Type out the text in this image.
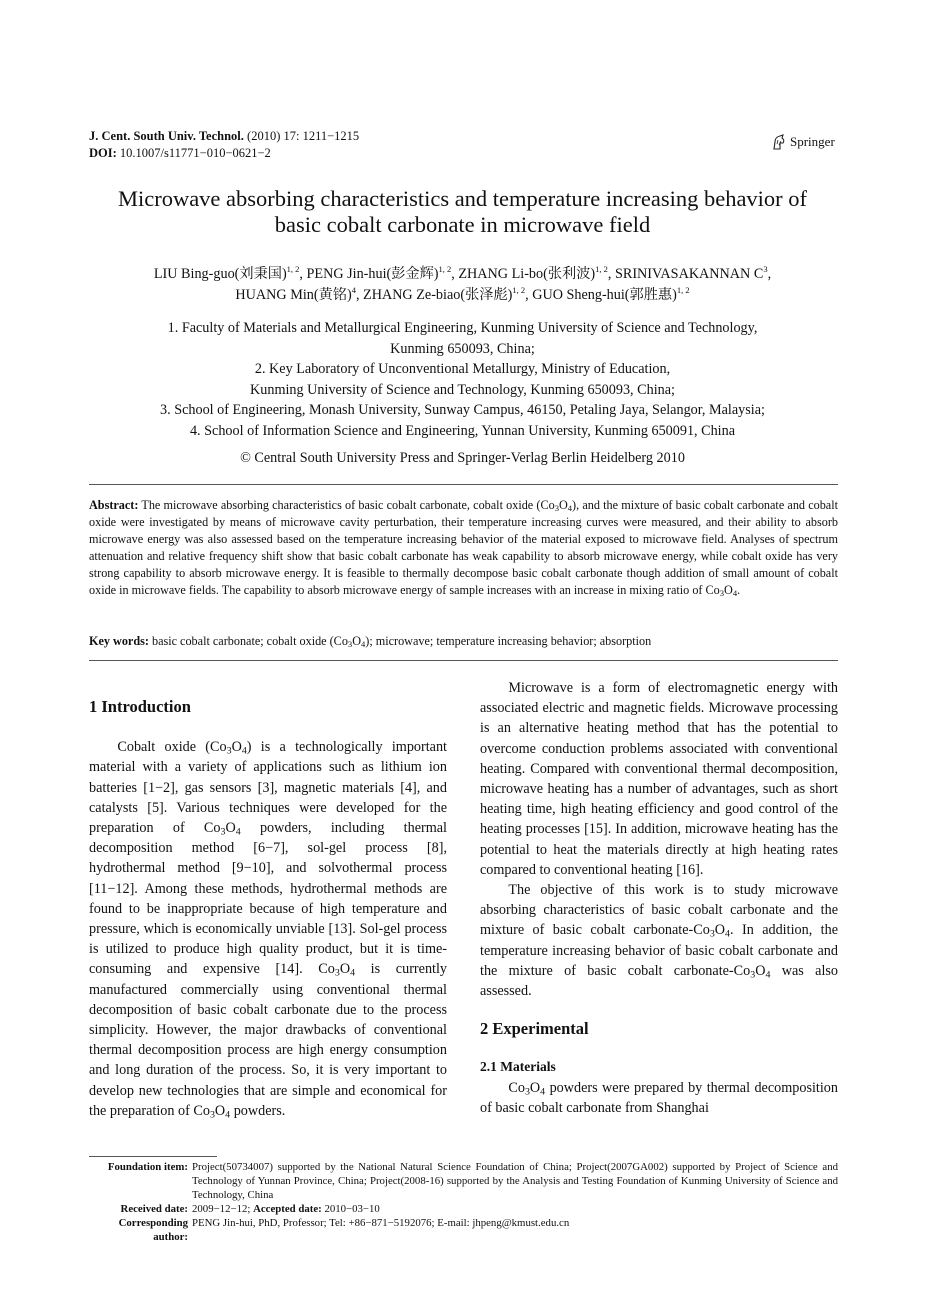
J. Cent. South Univ. Technol. (2010) 17: 1211−1215
DOI: 10.1007/s11771−010−0621−2
Springer
Microwave absorbing characteristics and temperature increasing behavior of
basic cobalt carbonate in microwave field
LIU Bing-guo(刘秉国)$^{1, 2}$, PENG Jin-hui(彭金辉)$^{1, 2}$, ZHANG Li-bo(张利波)$^{1, 2}$, SRINIVASAKANNAN $C^3$,
HUANG Min(黄铭)$^4$, ZHANG Ze-biao(张泽彪)$^{1, 2}$, GUO Sheng-hui(郭胜惠)$^{1, 2}$
1. Faculty of Materials and Metallurgical Engineering, Kunming University of Science and Technology,
Kunming 650093, China;
2. Key Laboratory of Unconventional Metallurgy, Ministry of Education,
Kunming University of Science and Technology, Kunming 650093, China;
3. School of Engineering, Monash University, Sunway Campus, 46150, Petaling Jaya, Selangor, Malaysia;
4. School of Information Science and Engineering, Yunnan University, Kunming 650091, China
© Central South University Press and Springer-Verlag Berlin Heidelberg 2010
Abstract: The microwave absorbing characteristics of basic cobalt carbonate, cobalt oxide $(Co_3O_4)$, and the mixture of basic cobalt carbonate and cobalt oxide were investigated by means of microwave cavity perturbation, their temperature increasing curves were measured, and their ability to absorb microwave energy was also assessed based on the temperature increasing behavior of the material exposed to microwave field. Analyses of spectrum attenuation and relative frequency shift show that basic cobalt carbonate has weak capability to absorb microwave energy, while cobalt oxide has very strong capability to absorb microwave energy. It is feasible to thermally decompose basic cobalt carbonate though addition of small amount of cobalt oxide in microwave fields. The capability to absorb microwave energy of sample increases with an increase in mixing ratio of $Co_3O_4$.
Key words: basic cobalt carbonate; cobalt oxide $(Co_3O_4)$; microwave; temperature increasing behavior; absorption
1 Introduction

Cobalt oxide $(Co_3O_4)$ is a technologically important material with a variety of applications such as lithium ion batteries [1−2], gas sensors [3], magnetic materials [4], and catalysts [5]. Various techniques were developed for the preparation of $Co_3O_4$ powders, including thermal decomposition method [6−7], sol-gel process [8], hydrothermal method [9−10], and solvothermal process [11−12]. Among these methods, hydrothermal methods are found to be inappropriate because of high temperature and pressure, which is economically unviable [13]. Sol-gel process is utilized to produce high quality product, but it is time-consuming and expensive [14]. $Co_3O_4$ is currently manufactured commercially using conventional thermal decomposition of basic cobalt carbonate due to the process simplicity. However, the major drawbacks of conventional thermal decomposition process are high energy consumption and long duration of the process. So, it is very important to develop new technologies that are simple and economical for the preparation of $Co_3O_4$ powders.

Microwave is a form of electromagnetic energy with associated electric and magnetic fields. Microwave processing is an alternative heating method that has the potential to overcome conduction problems associated with conventional heating. Compared with conventional thermal decomposition, microwave heating has a number of advantages, such as short heating time, high heating efficiency and good control of the heating processes [15]. In addition, microwave heating has the potential to heat the materials directly at high heating rates compared to conventional heating [16].

The objective of this work is to study microwave absorbing characteristics of basic cobalt carbonate and the mixture of basic cobalt carbonate-$Co_3O_4$. In addition, the temperature increasing behavior of basic cobalt carbonate and the mixture of basic cobalt carbonate-$Co_3O_4$ was also assessed.

2 Experimental
2.1 Materials

$Co_3O_4$ powders were prepared by thermal decomposition of basic cobalt carbonate from Shanghai

Foundation item: Project(50734007) supported by the National Natural Science Foundation of China; Project(2007GA002) supported by Project of Science and Technology of Yunnan Province, China; Project(2008-16) supported by the Analysis and Testing Foundation of Kunming University of Science and Technology, China
Received date: 2009−12−12; Accepted date: 2010−03−10
Corresponding author:
PENG Jin-hui, PhD, Professor; Tel: +86−871−5192076; E-mail: jhpeng@kmust.edu.cn
